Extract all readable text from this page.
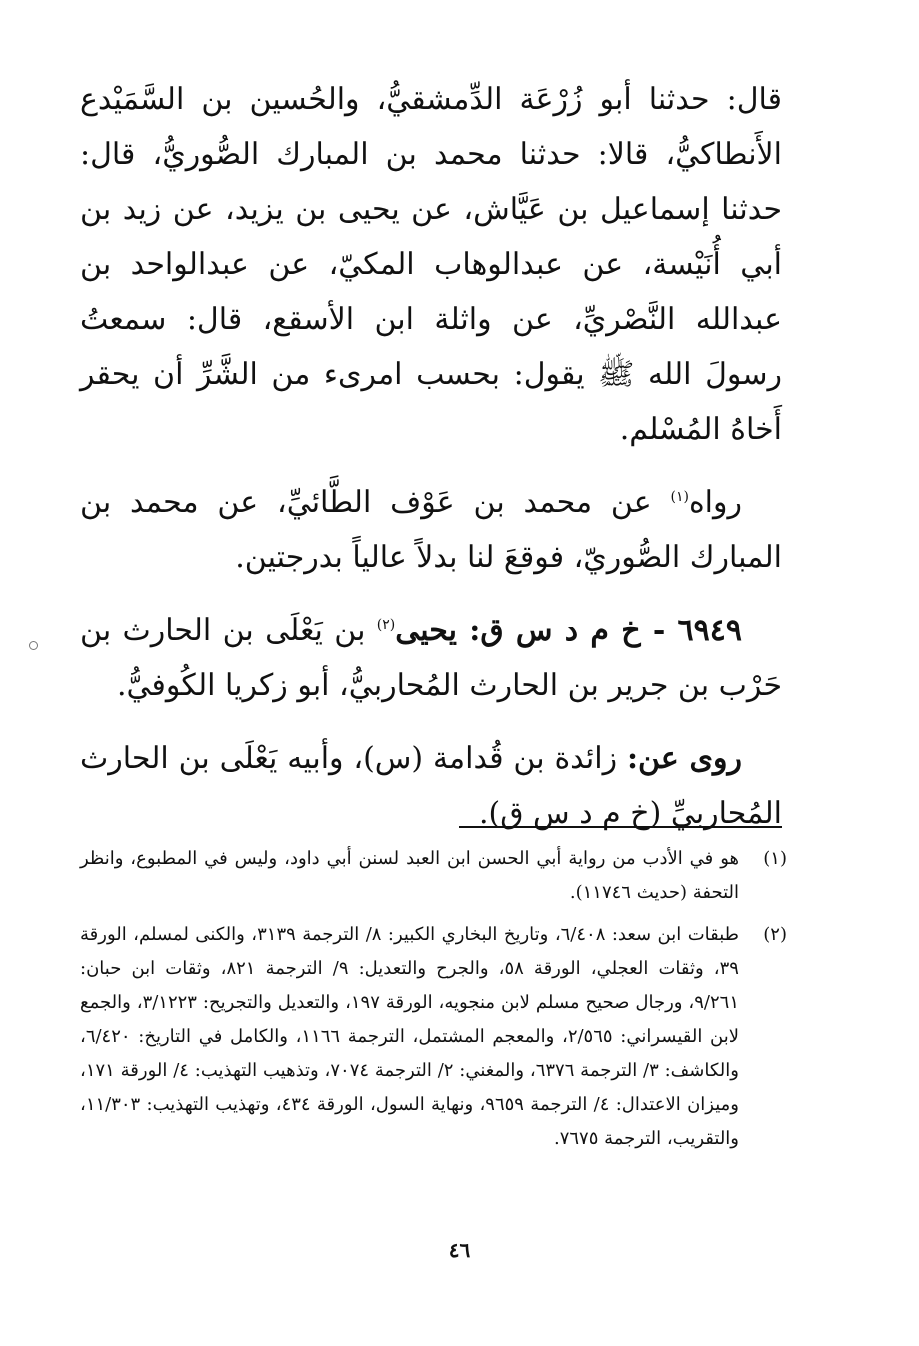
قال: حدثنا أبو زُرْعَة الدِّمشقيُّ، والحُسين بن السَّمَيْدع الأَنطاكيُّ، قالا: حدثنا محمد بن المبارك الصُّوريُّ، قال: حدثنا إسماعيل بن عَيَّاش، عن يحيى بن يزيد، عن زيد بن أبي أُنَيْسة، عن عبدالوهاب المكيّ، عن عبدالواحد بن عبدالله النَّصْريِّ، عن واثلة ابن الأسقع، قال: سمعتُ رسولَ الله ﷺ يقول: بحسب امرىء من الشَّرِّ أن يحقر أَخاهُ المُسْلم.

رواه$^{(١)}$ عن محمد بن عَوْف الطَّائيِّ، عن محمد بن المبارك الصُّوريّ، فوقعَ لنا بدلاً عالياً بدرجتين.

٦٩٤٩ - خ م د س ق: يحيى$^{(٢)}$ بن يَعْلَى بن الحارث بن حَرْب بن جرير بن الحارث المُحاربيُّ، أبو زكريا الكُوفيُّ.

روى عن: زائدة بن قُدامة (س)، وأبيه يَعْلَى بن الحارث المُحاربيِّ (خ م د س ق).

(١)
هو في الأدب من رواية أبي الحسن ابن العبد لسنن أبي داود، وليس في المطبوع، وانظر التحفة (حديث ١١٧٤٦).
(٢)
طبقات ابن سعد: ٦/٤٠٨، وتاريخ البخاري الكبير: ٨/ الترجمة ٣١٣٩، والكنى لمسلم، الورقة ٣٩، وثقات العجلي، الورقة ٥٨، والجرح والتعديل: ٩/ الترجمة ٨٢١، وثقات ابن حبان: ٩/٢٦١، ورجال صحيح مسلم لابن منجويه، الورقة ١٩٧، والتعديل والتجريح: ٣/١٢٢٣، والجمع لابن القيسراني: ٢/٥٦٥، والمعجم المشتمل، الترجمة ١١٦٦، والكامل في التاريخ: ٦/٤٢٠، والكاشف: ٣/ الترجمة ٦٣٧٦، والمغني: ٢/ الترجمة ٧٠٧٤، وتذهيب التهذيب: ٤/ الورقة ١٧١، وميزان الاعتدال: ٤/ الترجمة ٩٦٥٩، ونهاية السول، الورقة ٤٣٤، وتهذيب التهذيب: ١١/٣٠٣، والتقريب، الترجمة ٧٦٧٥.
٤٦
